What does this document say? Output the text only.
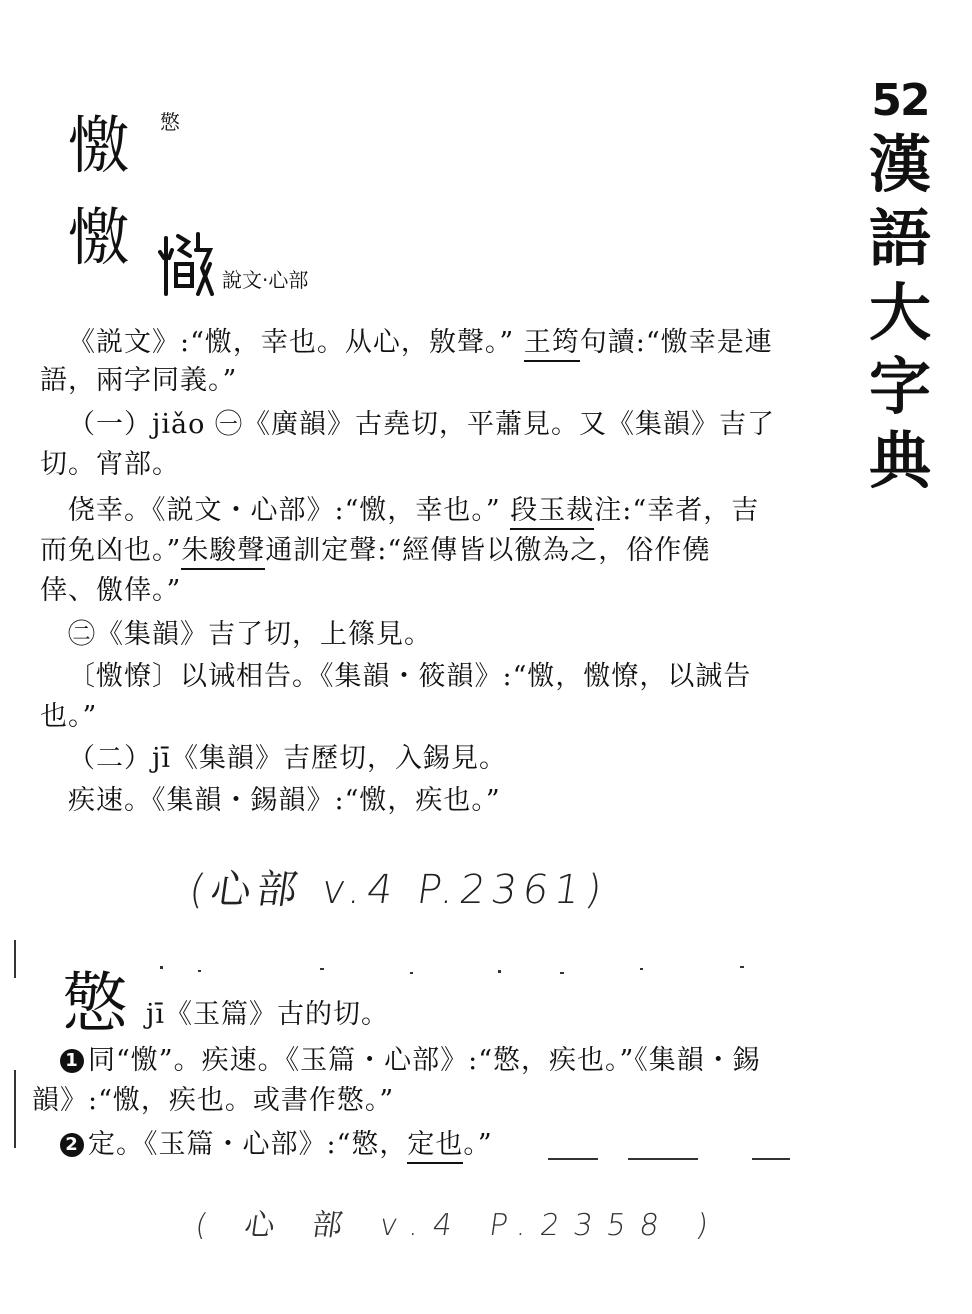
52
漢
語
大
字
典
憿 憼
憿
說文·心部
《説文》:“憿，幸也。从心，敫聲。” 王筠句讀:“憿幸是連
語，兩字同義。”
（一）jiǎo ㊀《廣韻》古堯切，平蕭見。又《集韻》吉了
切。宵部。
侥幸。《説文・心部》:“憿，幸也。” 段玉裁注:“幸者，吉
而免凶也。”朱駿聲通訓定聲:“經傳皆以徼為之，俗作僥
倖、儌倖。”
㊁《集韻》吉了切，上篠見。
〔憿憭〕以诫相告。《集韻・筱韻》:“憿，憿憭，以誡告
也。”
（二）jī《集韻》吉歷切，入錫見。
疾速。《集韻・錫韻》:“憿，疾也。”
(心部 v.4 P.2361)
憼 jī《玉篇》古的切。
1 同“憿”。疾速。《玉篇・心部》:“憼，疾也。”《集韻・錫
韻》:“憿，疾也。或書作憼。”
2 定。《玉篇・心部》:“憼，定也。”
( 心 部 v.4 P.2358 )
